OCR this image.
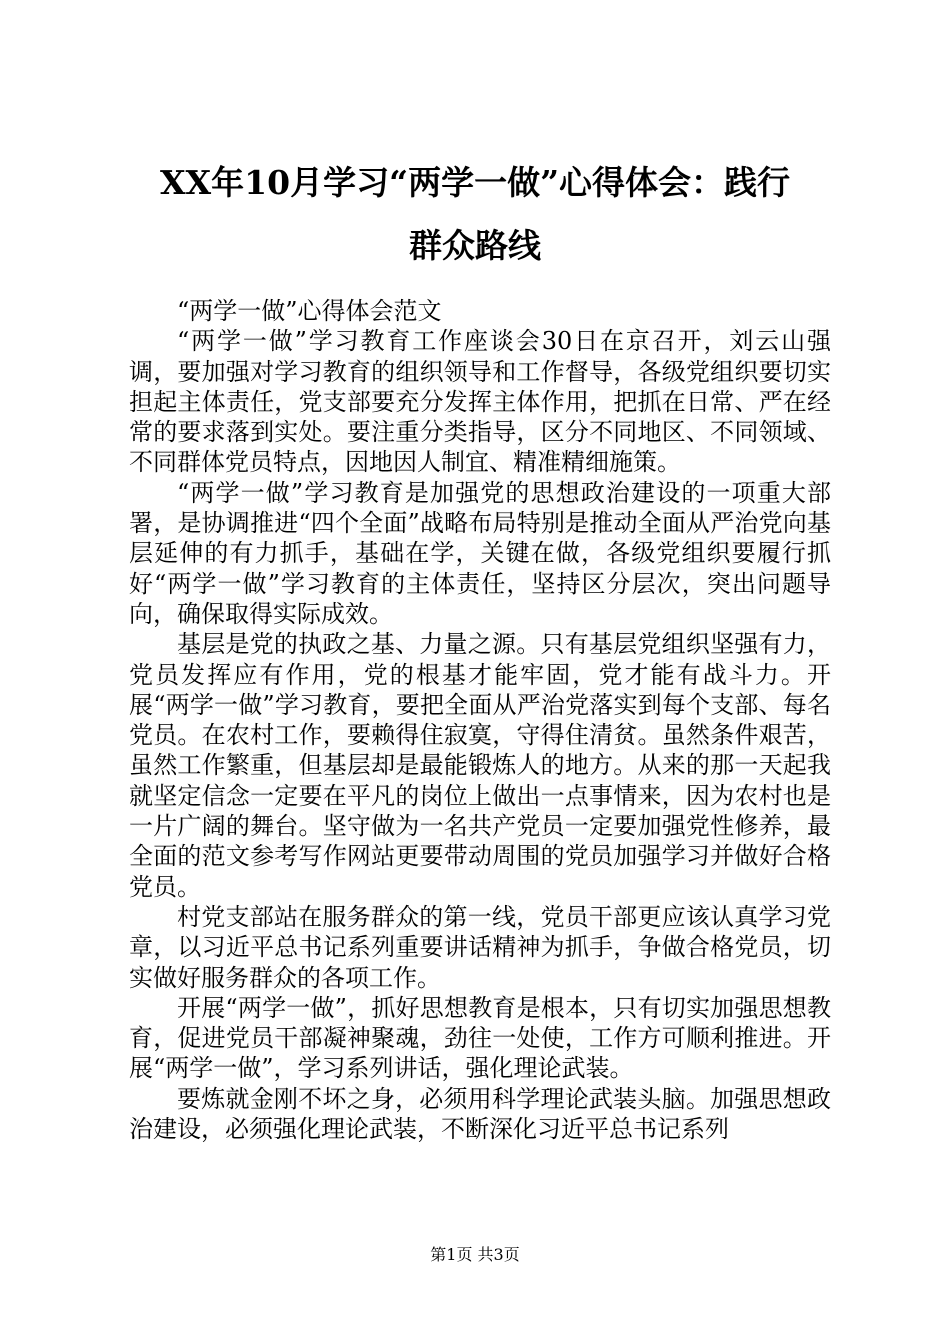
XX年10月学习“两学一做”心得体会：践行
群众路线

“两学一做”心得体会范文

“两学一做”学习教育工作座谈会30日在京召开，刘云山强调，要加强对学习教育的组织领导和工作督导，各级党组织要切实担起主体责任，党支部要充分发挥主体作用，把抓在日常、严在经常的要求落到实处。要注重分类指导，区分不同地区、不同领域、不同群体党员特点，因地因人制宜、精准精细施策。

“两学一做”学习教育是加强党的思想政治建设的一项重大部署，是协调推进“四个全面”战略布局特别是推动全面从严治党向基层延伸的有力抓手，基础在学，关键在做，各级党组织要履行抓好“两学一做”学习教育的主体责任，坚持区分层次，突出问题导向，确保取得实际成效。

基层是党的执政之基、力量之源。只有基层党组织坚强有力，党员发挥应有作用，党的根基才能牢固，党才能有战斗力。开展“两学一做”学习教育，要把全面从严治党落实到每个支部、每名党员。在农村工作，要赖得住寂寞，守得住清贫。虽然条件艰苦，虽然工作繁重，但基层却是最能锻炼人的地方。从来的那一天起我就坚定信念一定要在平凡的岗位上做出一点事情来，因为农村也是一片广阔的舞台。坚守做为一名共产党员一定要加强党性修养，最全面的范文参考写作网站更要带动周围的党员加强学习并做好合格党员。

村党支部站在服务群众的第一线，党员干部更应该认真学习党章，以习近平总书记系列重要讲话精神为抓手，争做合格党员，切实做好服务群众的各项工作。

开展“两学一做”，抓好思想教育是根本，只有切实加强思想教育，促进党员干部凝神聚魂，劲往一处使，工作方可顺利推进。开展“两学一做”，学习系列讲话，强化理论武装。

要炼就金刚不坏之身，必须用科学理论武装头脑。加强思想政治建设，必须强化理论武装，不断深化习近平总书记系列

第1页 共3页
